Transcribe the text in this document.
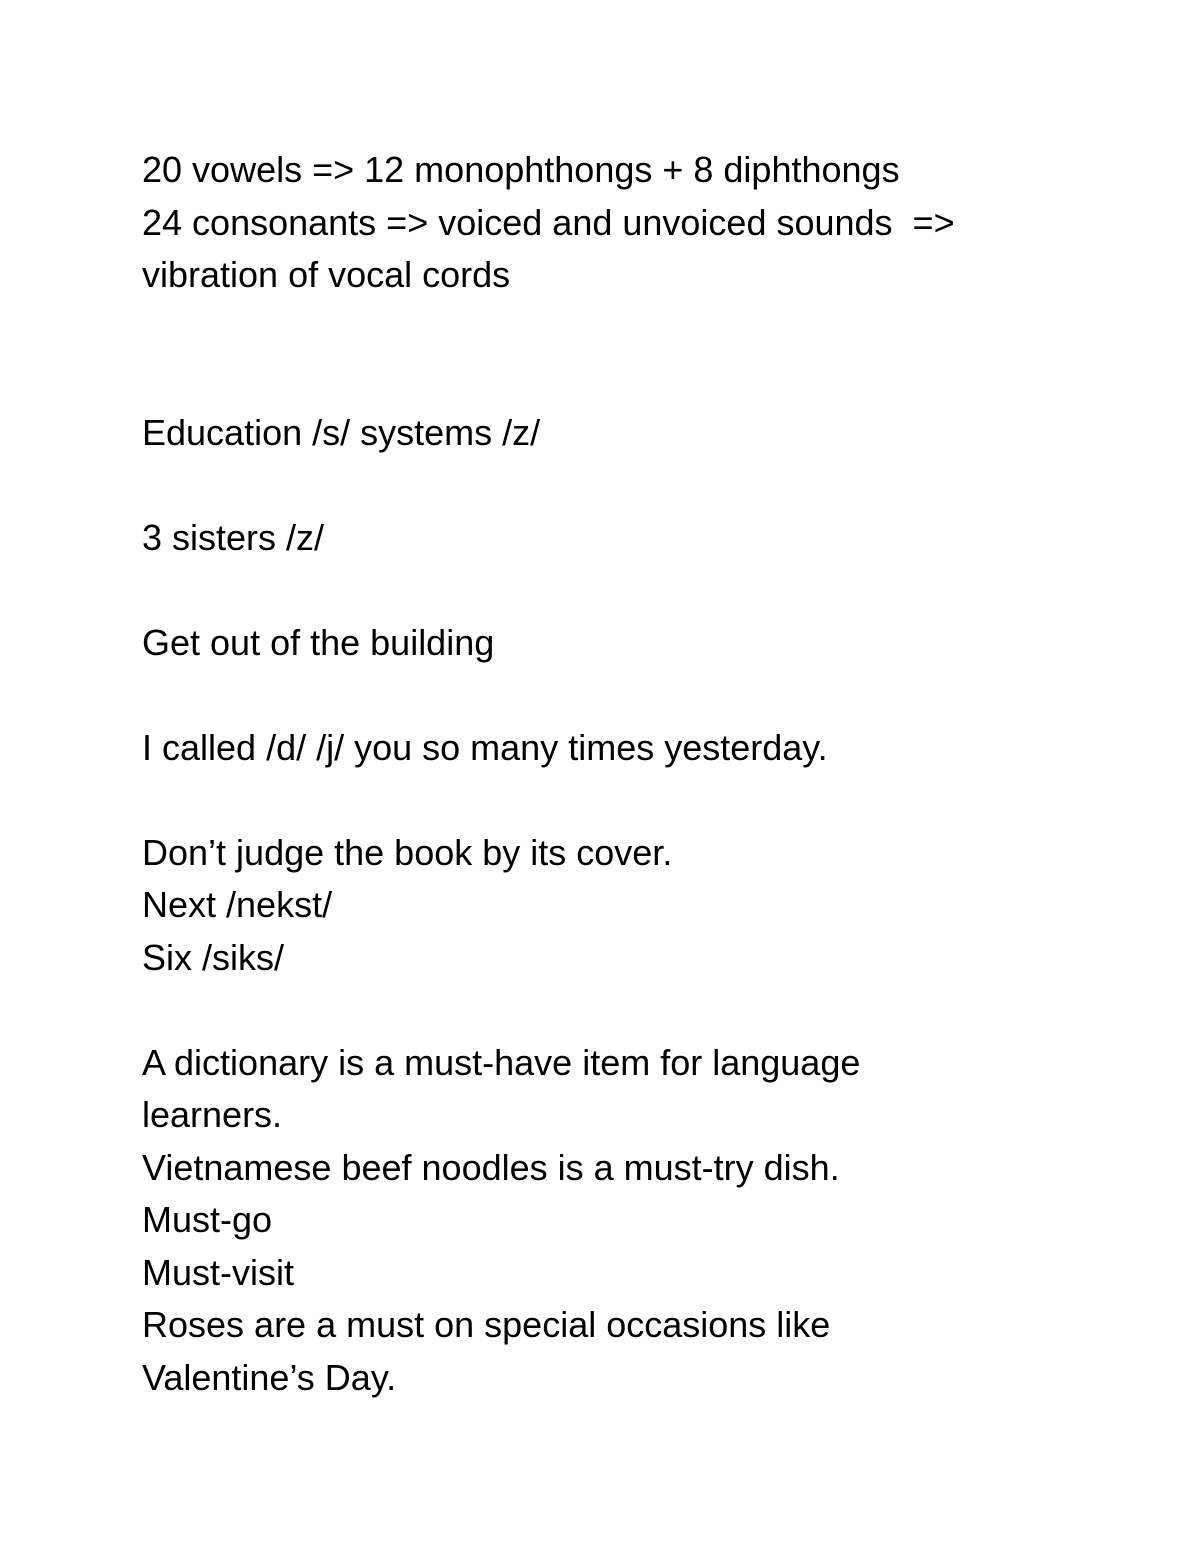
20 vowels => 12 monophthongs + 8 diphthongs
24 consonants => voiced and unvoiced sounds  =>
vibration of vocal cords
Education /s/ systems /z/
3 sisters /z/
Get out of the building
I called /d/ /j/ you so many times yesterday.
Don’t judge the book by its cover.
Next /nekst/
Six /siks/
A dictionary is a must-have item for language
learners.
Vietnamese beef noodles is a must-try dish.
Must-go
Must-visit
Roses are a must on special occasions like
Valentine’s Day.
